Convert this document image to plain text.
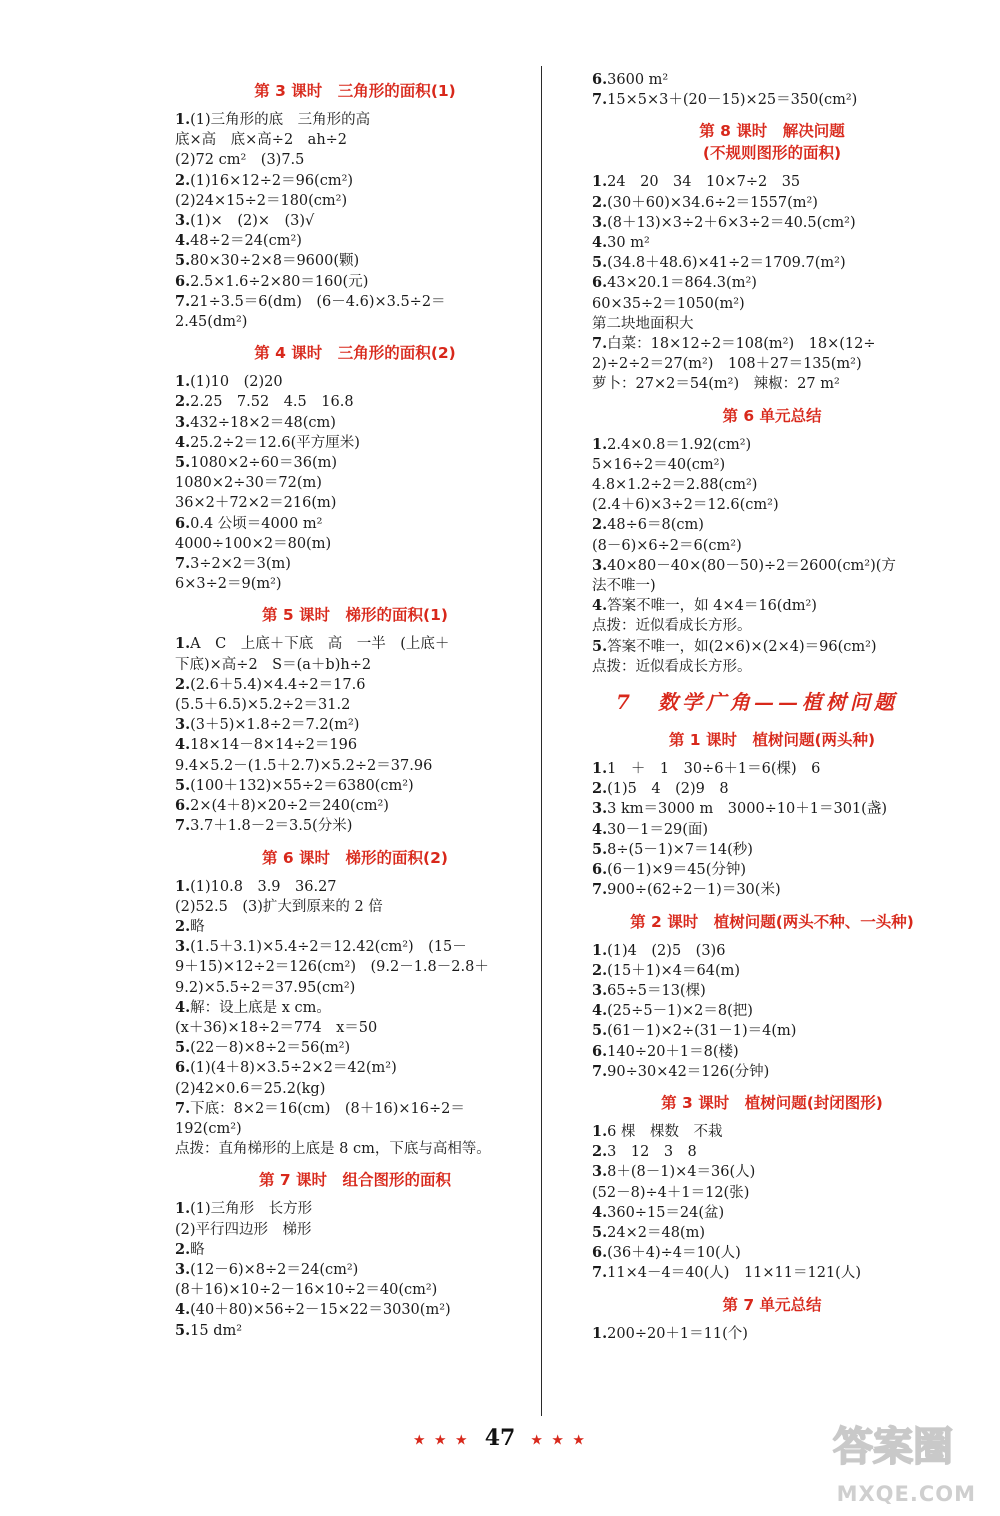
第 3 课时　三角形的面积(1)
1.(1)三角形的底　三角形的高
底×高　底×高÷2　ah÷2
(2)72 cm²　(3)7.5
2.(1)16×12÷2＝96(cm²)
(2)24×15÷2＝180(cm²)
3.(1)×　(2)×　(3)√
4.48÷2＝24(cm²)
5.80×30÷2×8＝9600(颗)
6.2.5×1.6÷2×80＝160(元)
7.21÷3.5＝6(dm)　(6－4.6)×3.5÷2＝
2.45(dm²)
第 4 课时　三角形的面积(2)
1.(1)10　(2)20
2.2.25　7.52　4.5　16.8
3.432÷18×2＝48(cm)
4.25.2÷2＝12.6(平方厘米)
5.1080×2÷60＝36(m)
1080×2÷30＝72(m)
36×2＋72×2＝216(m)
6.0.4 公顷＝4000 m²
4000÷100×2＝80(m)
7.3÷2×2＝3(m)
6×3÷2＝9(m²)
第 5 课时　梯形的面积(1)
1.A　C　上底＋下底　高　一半　(上底＋
下底)×高÷2　S＝(a＋b)h÷2
2.(2.6＋5.4)×4.4÷2＝17.6
(5.5＋6.5)×5.2÷2＝31.2
3.(3＋5)×1.8÷2＝7.2(m²)
4.18×14－8×14÷2＝196
9.4×5.2－(1.5＋2.7)×5.2÷2＝37.96
5.(100＋132)×55÷2＝6380(cm²)
6.2×(4＋8)×20÷2＝240(cm²)
7.3.7＋1.8－2＝3.5(分米)
第 6 课时　梯形的面积(2)
1.(1)10.8　3.9　36.27
(2)52.5　(3)扩大到原来的 2 倍
2.略
3.(1.5＋3.1)×5.4÷2＝12.42(cm²)　(15－
9＋15)×12÷2＝126(cm²)　(9.2－1.8－2.8＋
9.2)×5.5÷2＝37.95(cm²)
4.解：设上底是 x cm。
(x＋36)×18÷2＝774　x＝50
5.(22－8)×8÷2＝56(m²)
6.(1)(4＋8)×3.5÷2×2＝42(m²)
(2)42×0.6＝25.2(kg)
7.下底：8×2＝16(cm)　(8＋16)×16÷2＝
192(cm²)
点拨：直角梯形的上底是 8 cm，下底与高相等。
第 7 课时　组合图形的面积
1.(1)三角形　长方形
(2)平行四边形　梯形
2.略
3.(12－6)×8÷2＝24(cm²)
(8＋16)×10÷2－16×10÷2＝40(cm²)
4.(40＋80)×56÷2－15×22＝3030(m²)
5.15 dm²
6.3600 m²
7.15×5×3＋(20－15)×25＝350(cm²)
第 8 课时　解决问题
(不规则图形的面积)
1.24　20　34　10×7÷2　35
2.(30＋60)×34.6÷2＝1557(m²)
3.(8＋13)×3÷2＋6×3÷2＝40.5(cm²)
4.30 m²
5.(34.8＋48.6)×41÷2＝1709.7(m²)
6.43×20.1＝864.3(m²)
60×35÷2＝1050(m²)
第二块地面积大
7.白菜：18×12÷2＝108(m²)　18×(12÷
2)÷2÷2＝27(m²)　108＋27＝135(m²)
萝卜：27×2＝54(m²)　辣椒：27 m²
第 6 单元总结
1.2.4×0.8＝1.92(cm²)
5×16÷2＝40(cm²)
4.8×1.2÷2＝2.88(cm²)
(2.4＋6)×3÷2＝12.6(cm²)
2.48÷6＝8(cm)
(8－6)×6÷2＝6(cm²)
3.40×80－40×(80－50)÷2＝2600(cm²)(方
法不唯一)
4.答案不唯一，如 4×4＝16(dm²)
点拨：近似看成长方形。
5.答案不唯一，如(2×6)×(2×4)＝96(cm²)
点拨：近似看成长方形。
7　数学广角——植树问题
第 1 课时　植树问题(两头种)
1.1　＋　1　30÷6＋1＝6(棵)　6
2.(1)5　4　(2)9　8
3.3 km＝3000 m　3000÷10＋1＝301(盏)
4.30－1＝29(面)
5.8÷(5－1)×7＝14(秒)
6.(6－1)×9＝45(分钟)
7.900÷(62÷2－1)＝30(米)
第 2 课时　植树问题(两头不种、一头种)
1.(1)4　(2)5　(3)6
2.(15＋1)×4＝64(m)
3.65÷5＝13(棵)
4.(25÷5－1)×2＝8(把)
5.(61－1)×2÷(31－1)＝4(m)
6.140÷20＋1＝8(楼)
7.90÷30×42＝126(分钟)
第 3 课时　植树问题(封闭图形)
1.6 棵　棵数　不栽
2.3　12　3　8
3.8＋(8－1)×4＝36(人)
(52－8)÷4＋1＝12(张)
4.360÷15＝24(盆)
5.24×2＝48(m)
6.(36＋4)÷4＝10(人)
7.11×4－4＝40(人)　11×11＝121(人)
第 7 单元总结
1.200÷20＋1＝11(个)
★ ★ ★ 47 ★ ★ ★	答案圈
MXQE.COM
